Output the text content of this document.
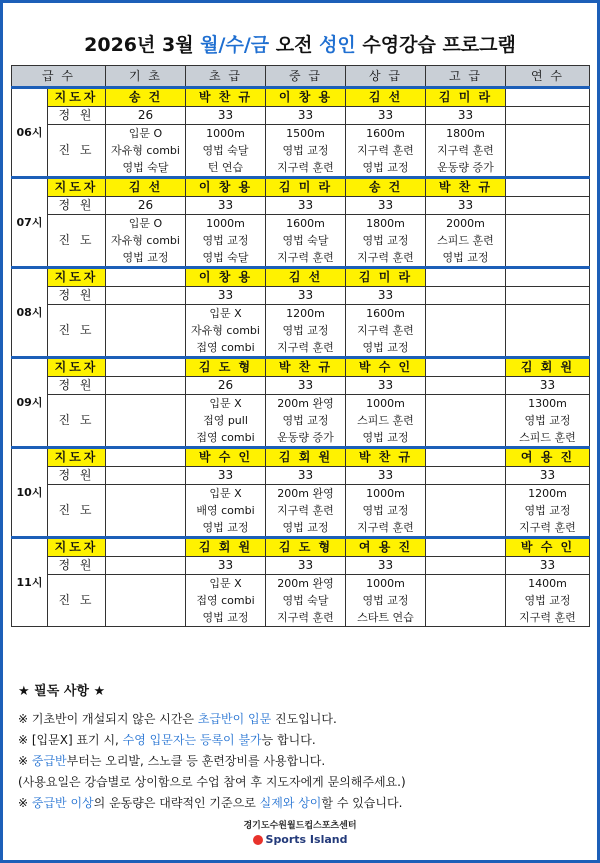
2026년 3월 월/수/금 오전 성인 수영강습 프로그램
급 수		기 초	초 급	중 급	상 급	고 급	연 수
06시	지도자	송 건	박 찬 규	이 창 용	김 선	김 미 라	
	정 원	26	33	33	33	33	
	진 도	입문 O	1000m	1500m	1600m	1800m	
		자유형 combi	영법 숙달	영법 교정	지구력 훈련	지구력 훈련	
		영법 숙달	턴 연습	지구력 훈련	영법 교정	운동량 증가	
07시	지도자	김 선	이 창 용	김 미 라	송 건	박 찬 규	
	정 원	26	33	33	33	33	
	진 도	입문 O	1000m	1600m	1800m	2000m	
		자유형 combi	영법 교정	영법 숙달	영법 교정	스피드 훈련	
		영법 교정	영법 숙달	지구력 훈련	지구력 훈련	영법 교정	
08시	지도자		이 창 용	김 선	김 미 라		
	정 원		33	33	33		
	진 도		입문 X	1200m	1600m		
			자유형 combi	영법 교정	지구력 훈련		
			접영 combi	지구력 훈련	영법 교정		
09시	지도자		김 도 형	박 찬 규	박 수 인		김 회 원
	정 원		26	33	33		33
	진 도		입문 X	200m 완영	1000m		1300m
			접영 pull	영법 교정	스피드 훈련		영법 교정
			접영 combi	운동량 증가	영법 교정		스피드 훈련
10시	지도자		박 수 인	김 회 원	박 찬 규		여 용 진
	정 원		33	33	33		33
	진 도		입문 X	200m 완영	1000m		1200m
			배영 combi	지구력 훈련	영법 교정		영법 교정
			영법 교정	영법 교정	지구력 훈련		지구력 훈련
11시	지도자		김 회 원	김 도 형	여 용 진		박 수 인
	정 원		33	33	33		33
	진 도		입문 X	200m 완영	1000m		1400m
			접영 combi	영법 숙달	영법 교정		영법 교정
			영법 교정	지구력 훈련	스타트 연습		지구력 훈련
★ 필독 사항 ★
※ 기초반이 개설되지 않은 시간은 초급반이 입문 진도입니다.
※ [입문X] 표기 시, 수영 입문자는 등록이 불가능 합니다.
※ 중급반부터는 오리발, 스노클 등 훈련장비를 사용합니다.
(사용요일은 강습별로 상이함으로 수업 참여 후 지도자에게 문의해주세요.)
※ 중급반 이상의 운동량은 대략적인 기준으로 실제와 상이할 수 있습니다.
경기도수원월드컵스포츠센터
Sports Island
